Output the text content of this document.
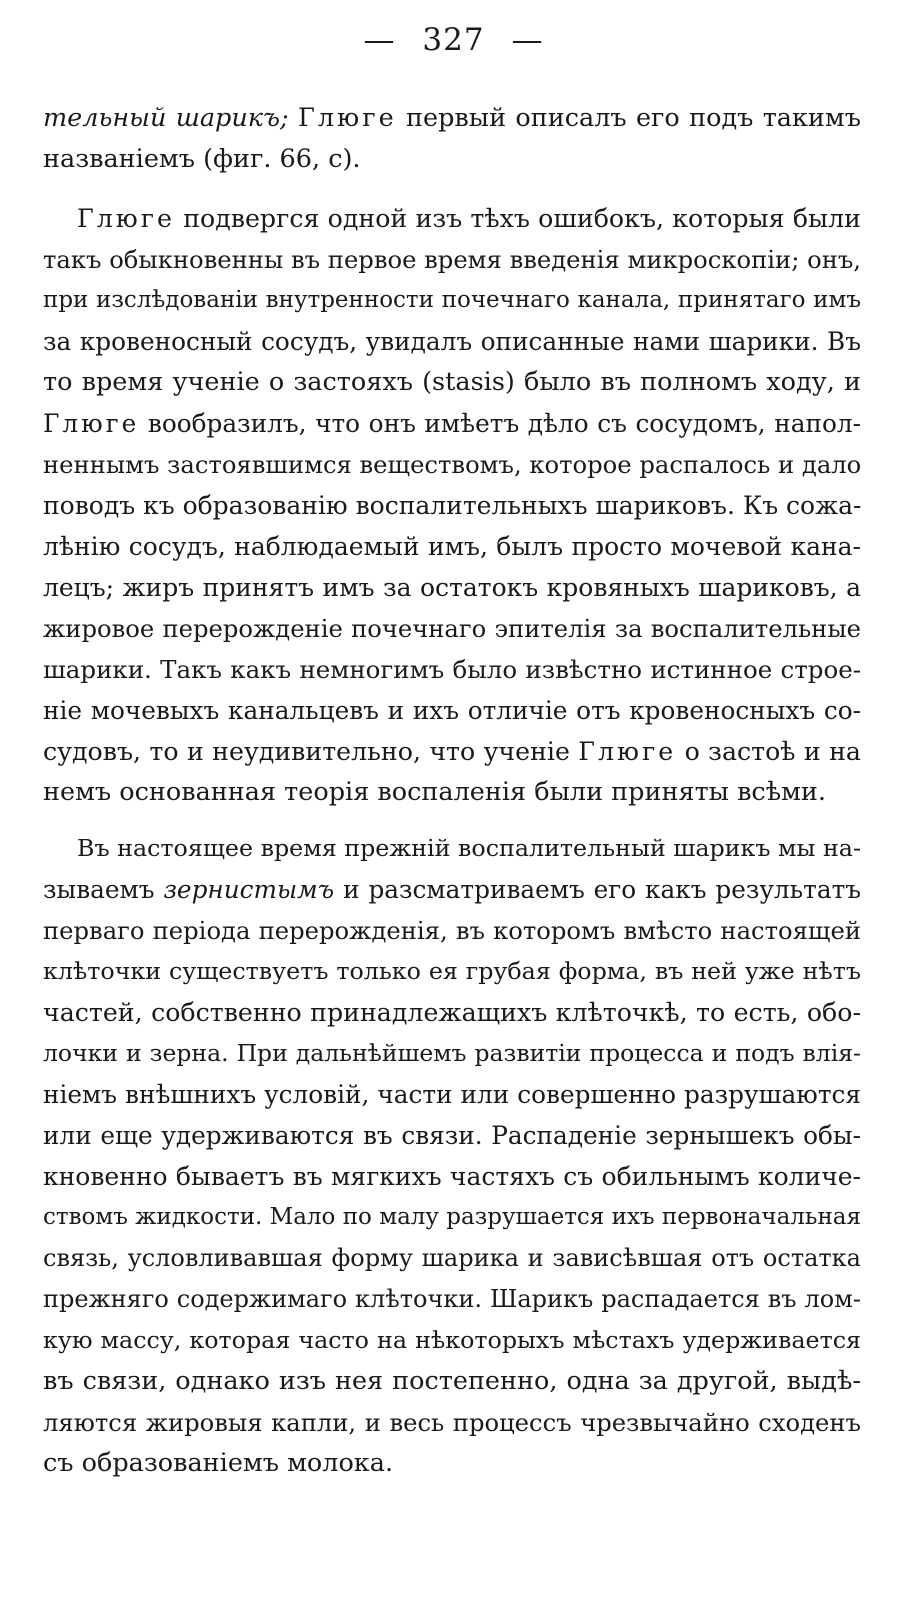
— 327 —
тельный шарикъ; Глюге первый описалъ его подъ такимъ
названіемъ (фиг. 66, c).
Глюге подвергся одной изъ тѣхъ ошибокъ, которыя были
такъ обыкновенны въ первое время введенія микроскопіи; онъ,
при изслѣдованіи внутренности почечнаго канала, принятаго имъ
за кровеносный сосудъ, увидалъ описанные нами шарики. Въ
то время ученіе о застояхъ (stasis) было въ полномъ ходу, и
Глюге вообразилъ, что онъ имѣетъ дѣло съ сосудомъ, напол-
неннымъ застоявшимся веществомъ, которое распалось и дало
поводъ къ образованію воспалительныхъ шариковъ. Къ сожа-
лѣнію сосудъ, наблюдаемый имъ, былъ просто мочевой кана-
лецъ; жиръ принятъ имъ за остатокъ кровяныхъ шариковъ, а
жировое перерожденіе почечнаго эпителія за воспалительные
шарики. Такъ какъ немногимъ было извѣстно истинное строе-
ніе мочевыхъ канальцевъ и ихъ отличіе отъ кровеносныхъ со-
судовъ, то и неудивительно, что ученіе Глюге о застоѣ и на
немъ основанная теорія воспаленія были приняты всѣми.
Въ настоящее время прежній воспалительный шарикъ мы на-
зываемъ зернистымъ и разсматриваемъ его какъ результатъ
перваго періода перерожденія, въ которомъ вмѣсто настоящей
клѣточки существуетъ только ея грубая форма, въ ней уже нѣтъ
частей, собственно принадлежащихъ клѣточкѣ, то есть, обо-
лочки и зерна. При дальнѣйшемъ развитіи процесса и подъ влія-
ніемъ внѣшнихъ условій, части или совершенно разрушаются
или еще удерживаются въ связи. Распаденіе зернышекъ обы-
кновенно бываетъ въ мягкихъ частяхъ съ обильнымъ количе-
ствомъ жидкости. Мало по малу разрушается ихъ первоначальная
связь, условливавшая форму шарика и зависѣвшая отъ остатка
прежняго содержимаго клѣточки. Шарикъ распадается въ лом-
кую массу, которая часто на нѣкоторыхъ мѣстахъ удерживается
въ связи, однако изъ нея постепенно, одна за другой, выдѣ-
ляются жировыя капли, и весь процессъ чрезвычайно сходенъ
съ образованіемъ молока.
